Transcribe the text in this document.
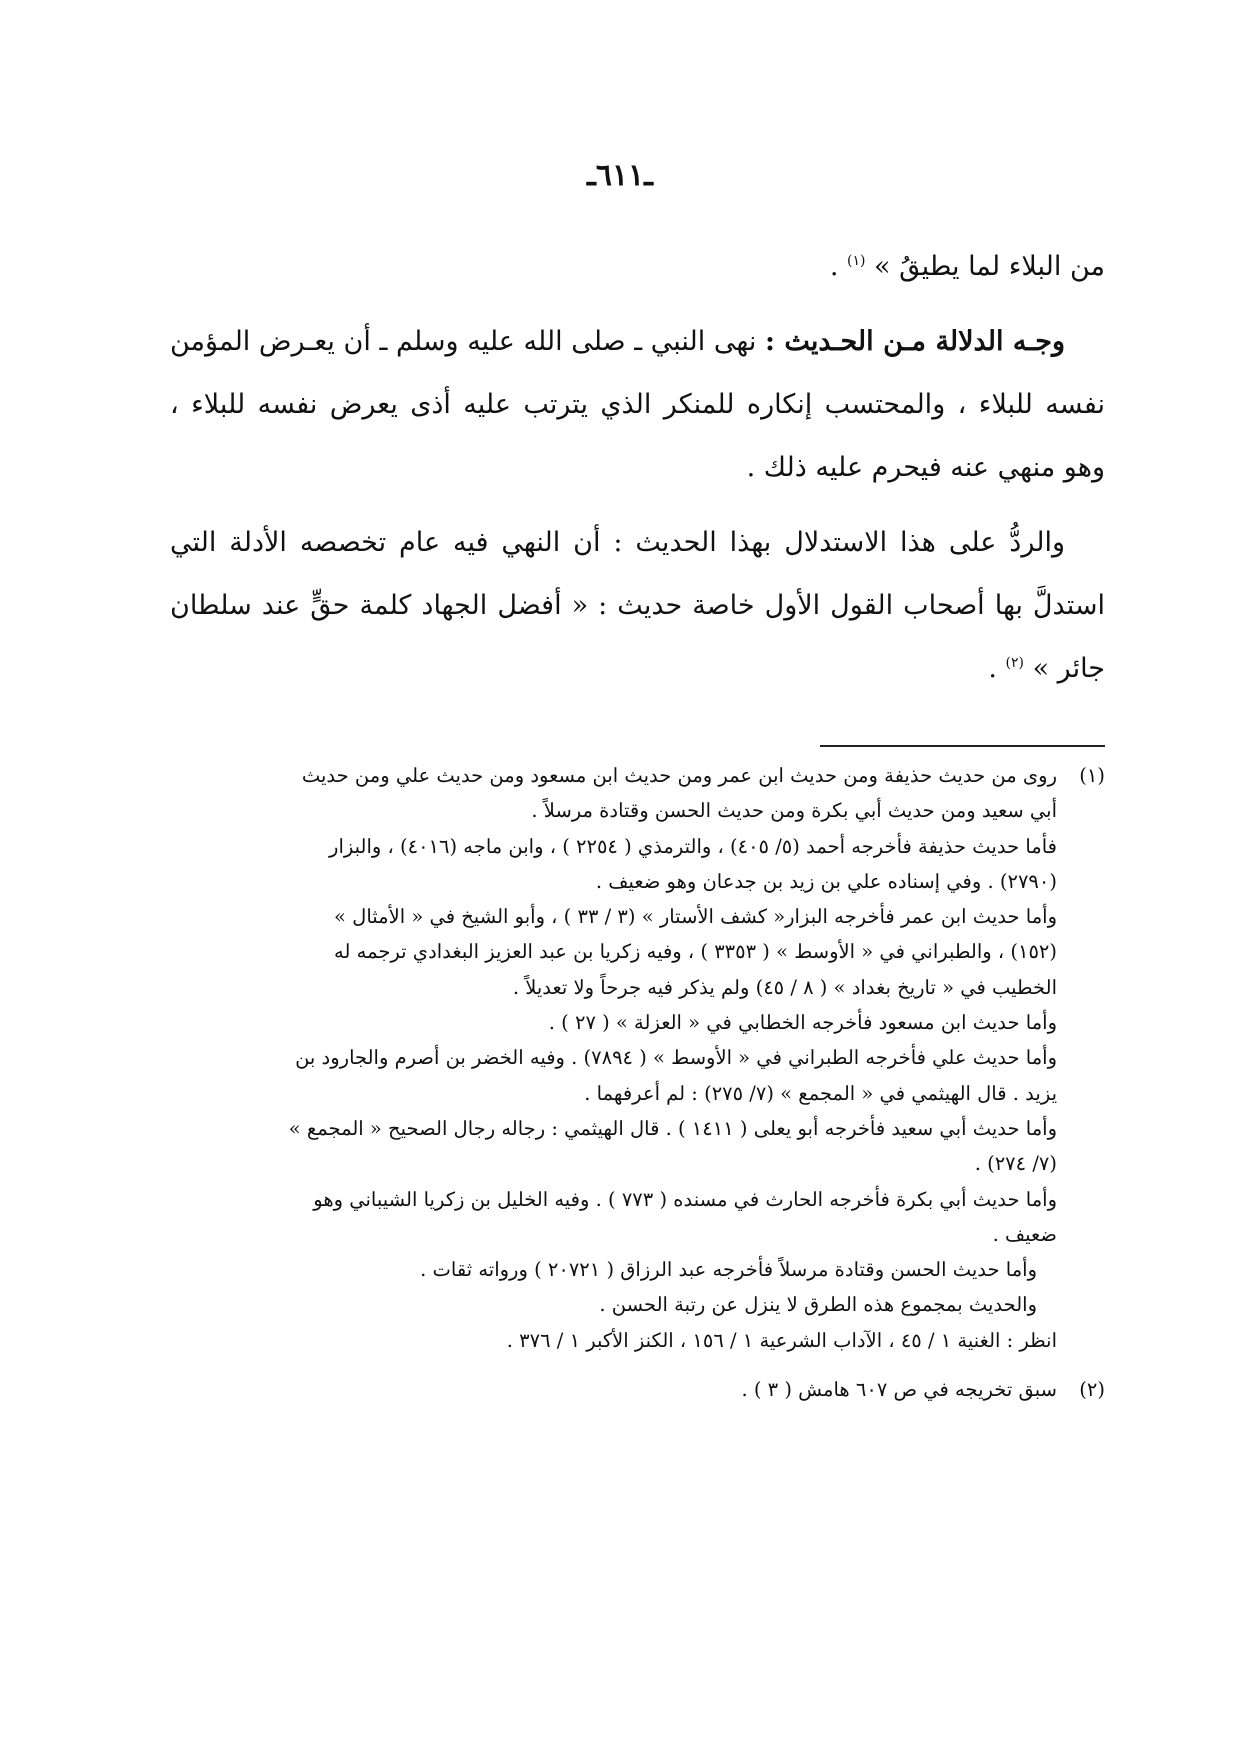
ـ٦١١ـ

من البلاء لما يطيقُ » $^{(١)}$ .

وجـه الدلالة مـن الحـديث : نهى النبي ـ صلى الله عليه وسلم ـ أن يعـرض المؤمن نفسه للبلاء ، والمحتسب إنكاره للمنكر الذي يترتب عليه أذى يعرض نفسه للبلاء ، وهو منهي عنه فيحرم عليه ذلك .

والردُّ على هذا الاستدلال بهذا الحديث : أن النهي فيه عام تخصصه الأدلة التي استدلَّ بها أصحاب القول الأول خاصة حديث : « أفضل الجهاد كلمة حقٍّ عند سلطان جائر » $^{(٢)}$ .

(١)

روى من حديث حذيفة ومن حديث ابن عمر ومن حديث ابن مسعود ومن حديث علي ومن حديث

أبي سعيد ومن حديث أبي بكرة ومن حديث الحسن وقتادة مرسلاً .

فأما حديث حذيفة فأخرجه أحمد (٥/ ٤٠٥) ، والترمذي ( ٢٢٥٤ ) ، وابن ماجه (٤٠١٦) ، والبزار

(٢٧٩٠) . وفي إسناده علي بن زيد بن جدعان وهو ضعيف .

وأما حديث ابن عمر فأخرجه البزار« كشف الأستار » (٣ / ٣٣ ) ، وأبو الشيخ في « الأمثال »

(١٥٢) ، والطبراني في « الأوسط » ( ٣٣٥٣ ) ، وفيه زكريا بن عبد العزيز البغدادي ترجمه له

الخطيب في « تاريخ بغداد » ( ٨ / ٤٥) ولم يذكر فيه جرحاً ولا تعديلاً .

وأما حديث ابن مسعود فأخرجه الخطابي في « العزلة » ( ٢٧ ) .

وأما حديث علي فأخرجه الطبراني في « الأوسط » ( ٧٨٩٤) . وفيه الخضر بن أصرم والجارود بن

يزيد . قال الهيثمي في « المجمع » (٧/ ٢٧٥) : لم أعرفهما .

وأما حديث أبي سعيد فأخرجه أبو يعلى ( ١٤١١ ) . قال الهيثمي : رجاله رجال الصحيح « المجمع »

(٧/ ٢٧٤) .

وأما حديث أبي بكرة فأخرجه الحارث في مسنده ( ٧٧٣ ) . وفيه الخليل بن زكريا الشيباني وهو

ضعيف .

وأما حديث الحسن وقتادة مرسلاً فأخرجه عبد الرزاق ( ٢٠٧٢١ ) ورواته ثقات .

والحديث بمجموع هذه الطرق لا ينزل عن رتبة الحسن .

انظر : الغنية ١ / ٤٥ ، الآداب الشرعية ١ / ١٥٦ ، الكنز الأكبر ١ / ٣٧٦ .

(٢)

سبق تخريجه في ص ٦٠٧ هامش ( ٣ ) .
